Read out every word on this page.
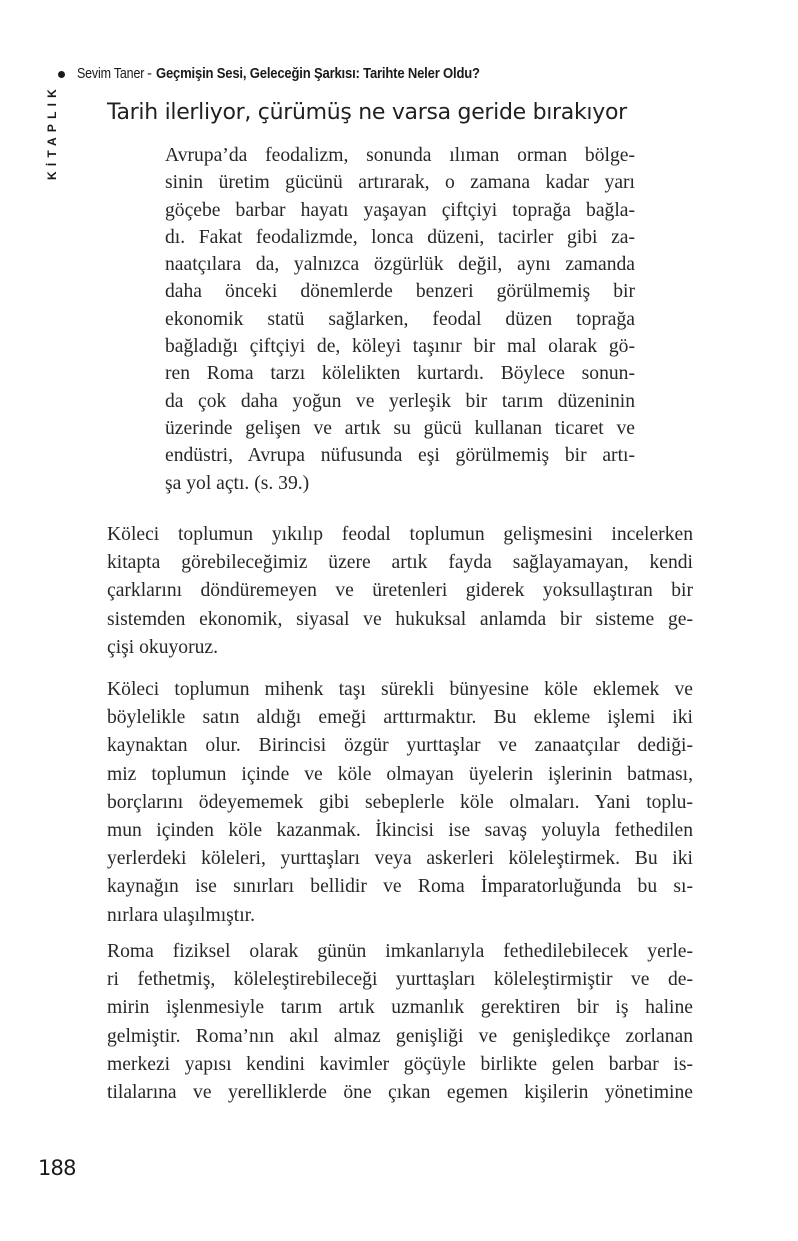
Sevim Taner - Geçmişin Sesi, Geleceğin Şarkısı: Tarihte Neler Oldu?
KİTAPLIK Tarih ilerliyor, çürümüş ne varsa geride bırakıyor
Avrupa’da feodalizm, sonunda ılıman orman bölge-
sinin üretim gücünü artırarak, o zamana kadar yarı
göçebe barbar hayatı yaşayan çiftçiyi toprağa bağla-
dı. Fakat feodalizmde, lonca düzeni, tacirler gibi za-
naatçılara da, yalnızca özgürlük değil, aynı zamanda
daha önceki dönemlerde benzeri görülmemiş bir
ekonomik statü sağlarken, feodal düzen toprağa
bağladığı çiftçiyi de, köleyi taşınır bir mal olarak gö-
ren Roma tarzı kölelikten kurtardı. Böylece sonun-
da çok daha yoğun ve yerleşik bir tarım düzeninin
üzerinde gelişen ve artık su gücü kullanan ticaret ve
endüstri, Avrupa nüfusunda eşi görülmemiş bir artı-
şa yol açtı. (s. 39.)
Köleci toplumun yıkılıp feodal toplumun gelişmesini incelerken
kitapta görebileceğimiz üzere artık fayda sağlayamayan, kendi
çarklarını döndüremeyen ve üretenleri giderek yoksullaştıran bir
sistemden ekonomik, siyasal ve hukuksal anlamda bir sisteme ge-
çişi okuyoruz.
Köleci toplumun mihenk taşı sürekli bünyesine köle eklemek ve
böylelikle satın aldığı emeği arttırmaktır. Bu ekleme işlemi iki
kaynaktan olur. Birincisi özgür yurttaşlar ve zanaatçılar dediği-
miz toplumun içinde ve köle olmayan üyelerin işlerinin batması,
borçlarını ödeyememek gibi sebeplerle köle olmaları. Yani toplu-
mun içinden köle kazanmak. İkincisi ise savaş yoluyla fethedilen
yerlerdeki köleleri, yurttaşları veya askerleri köleleştirmek. Bu iki
kaynağın ise sınırları bellidir ve Roma İmparatorluğunda bu sı-
nırlara ulaşılmıştır.
Roma fiziksel olarak günün imkanlarıyla fethedilebilecek yerle-
ri fethetmiş, köleleştirebileceği yurttaşları köleleştirmiştir ve de-
mirin işlenmesiyle tarım artık uzmanlık gerektiren bir iş haline
gelmiştir. Roma’nın akıl almaz genişliği ve genişledikçe zorlanan
merkezi yapısı kendini kavimler göçüyle birlikte gelen barbar is-
tilalarına ve yerelliklerde öne çıkan egemen kişilerin yönetimine
188
